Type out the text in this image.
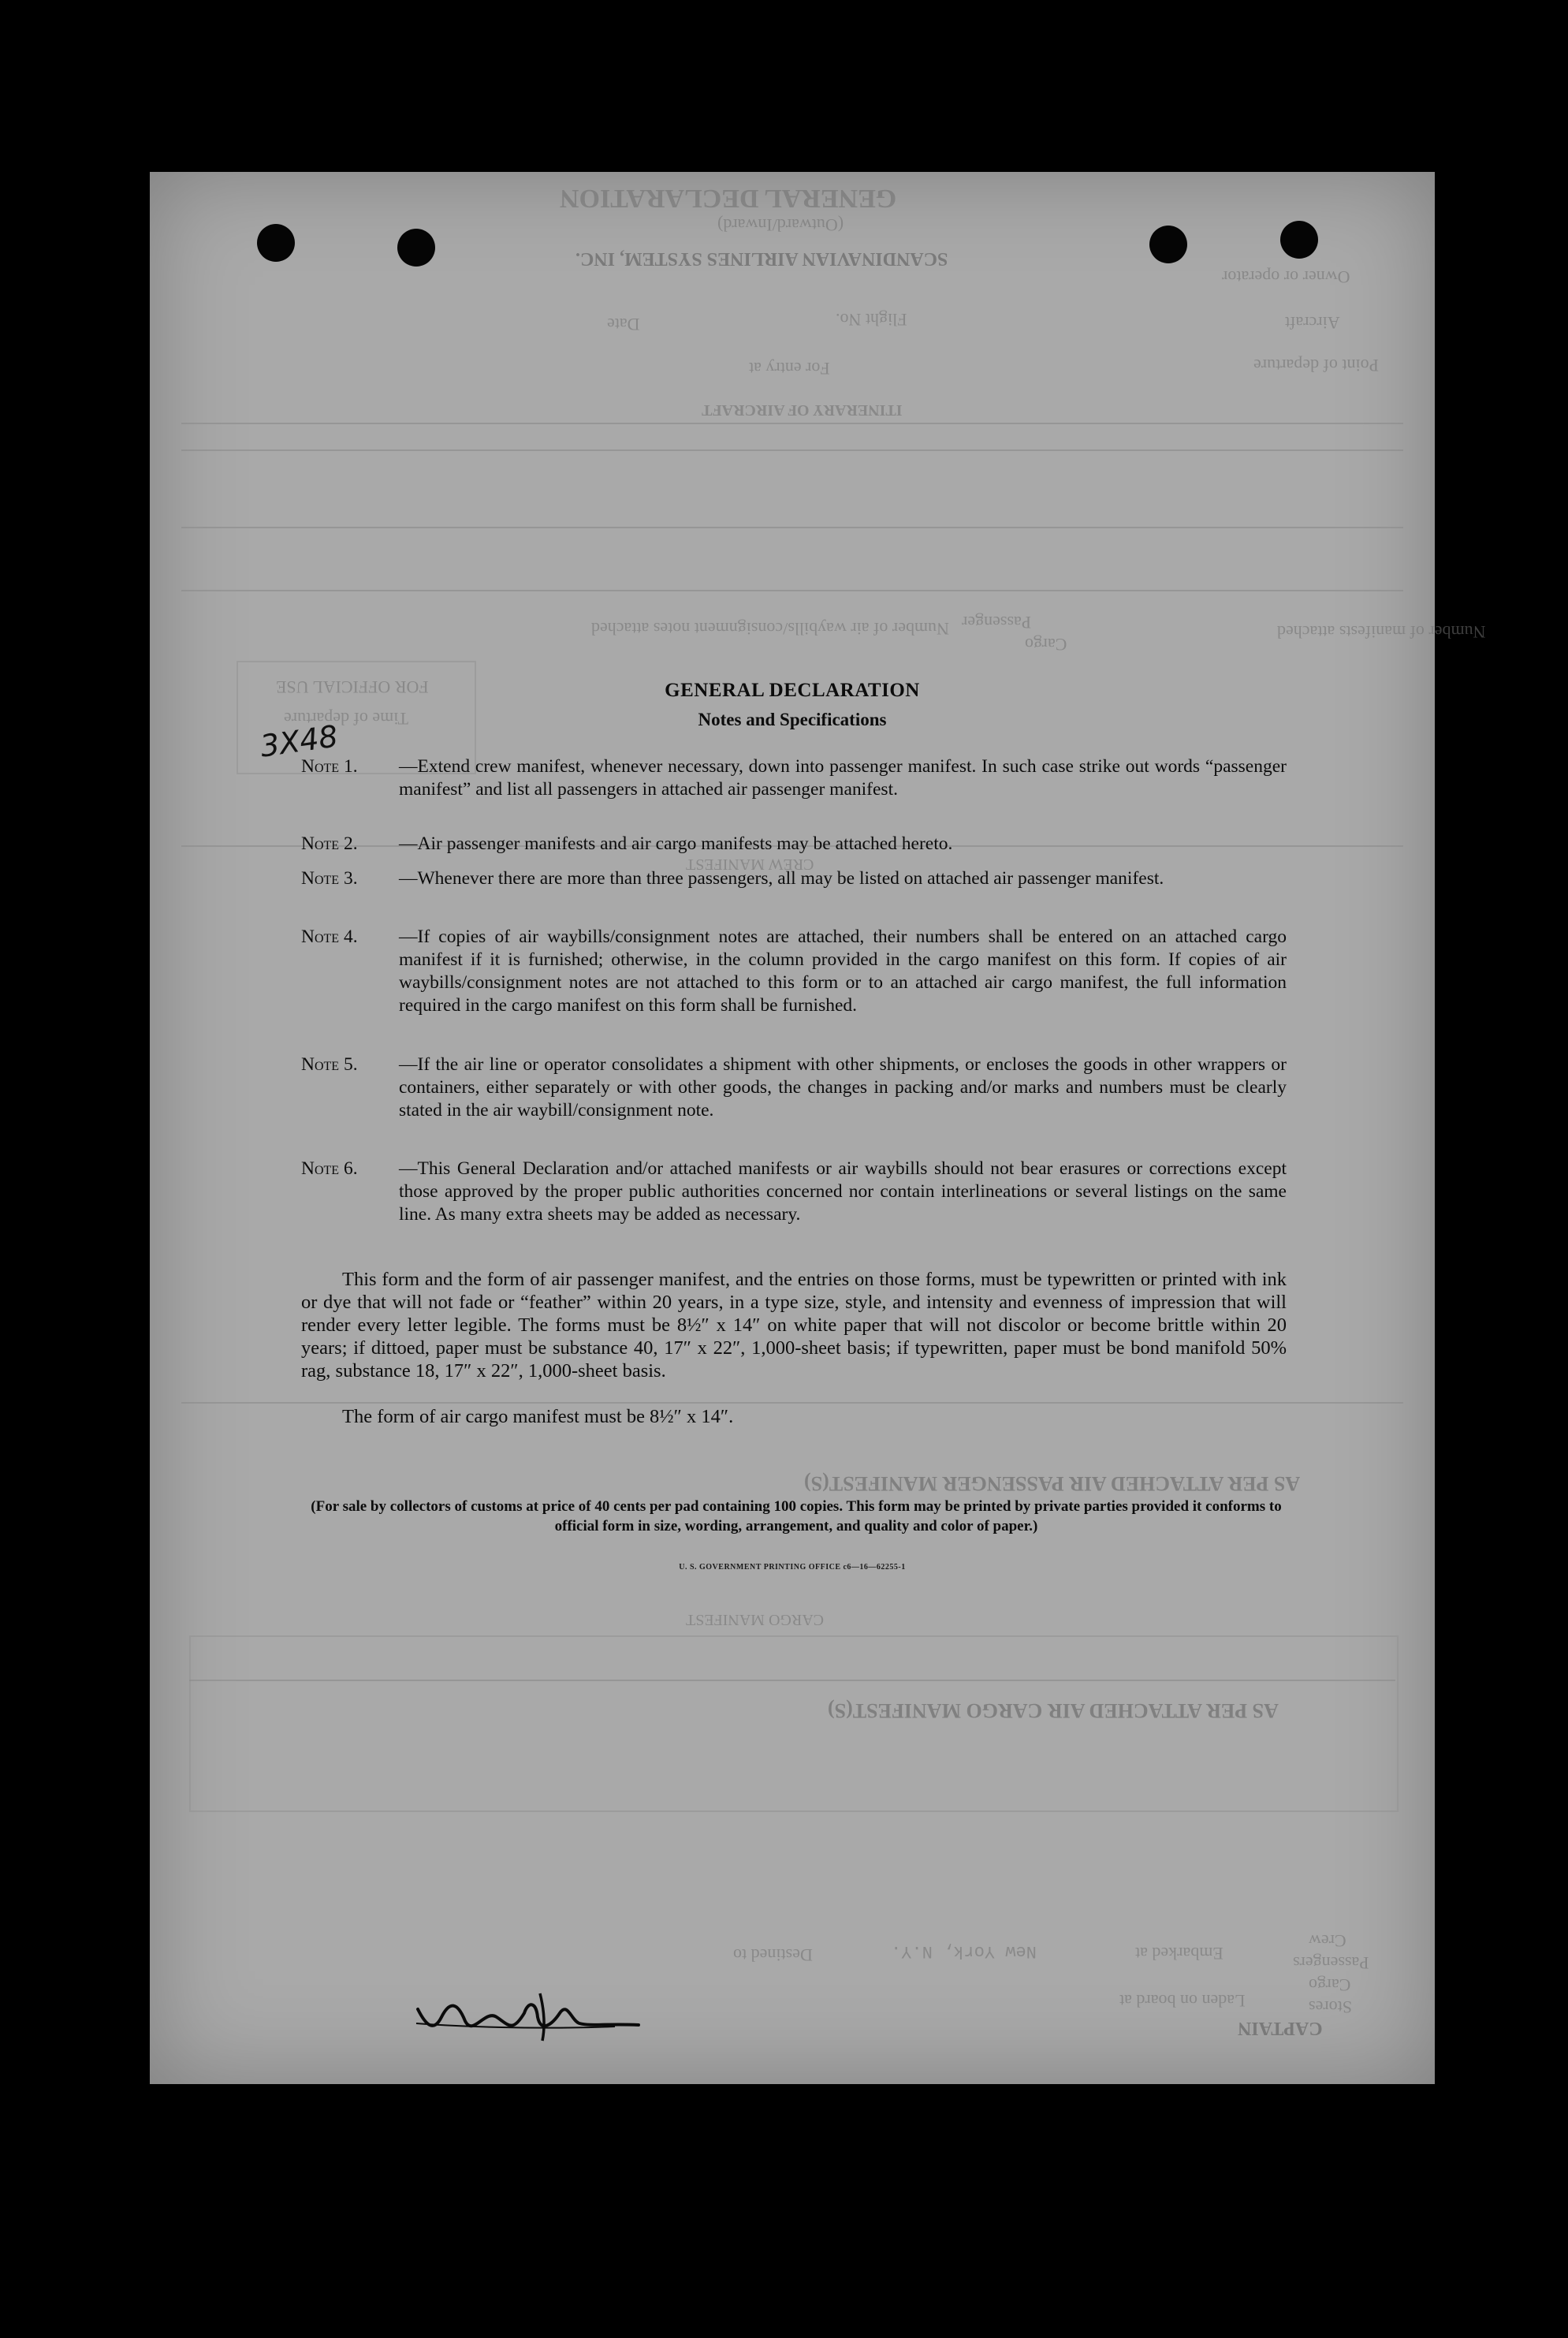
GENERAL DECLARATION
(Outward/Inward)
SCANDINAVIAN AIRLINES SYSTEM, INC.
Owner or operator
Aircraft
Flight No.
Date
Point of departure
For entry at
ITINERARY OF AIRCRAFT
Number of manifests attached
Passenger
Cargo
Number of air waybills/consignment notes attached
FOR OFFICIAL USE
Time of departure
CREW MANIFEST
AS PER ATTACHED AIR PASSENGER MANIFEST(S)
CARGO MANIFEST
AS PER ATTACHED AIR CARGO MANIFEST(S)
CAPTAIN
Crew
Passengers
Cargo
Stores
Embarked at
Destined to
Laden on board at
New York, N.Y.
GENERAL DECLARATION
Notes and Specifications
3X48
Note 1.	—Extend crew manifest, whenever necessary, down into passenger manifest. In such case strike out words “passenger manifest” and list all passengers in attached air passenger manifest.
Note 2.	—Air passenger manifests and air cargo manifests may be attached hereto.
Note 3.	—Whenever there are more than three passengers, all may be listed on attached air passenger manifest.
Note 4.	—If copies of air waybills/consignment notes are attached, their numbers shall be entered on an attached cargo manifest if it is furnished; otherwise, in the column provided in the cargo manifest on this form. If copies of air waybills/consignment notes are not attached to this form or to an attached air cargo manifest, the full information required in the cargo manifest on this form shall be furnished.
Note 5.	—If the air line or operator consolidates a shipment with other shipments, or encloses the goods in other wrappers or containers, either separately or with other goods, the changes in packing and/or marks and numbers must be clearly stated in the air waybill/consignment note.
Note 6.	—This General Declaration and/or attached manifests or air waybills should not bear erasures or corrections except those approved by the proper public authorities concerned nor contain interlineations or several listings on the same line. As many extra sheets may be added as necessary.
This form and the form of air passenger manifest, and the entries on those forms, must be typewritten or printed with ink or dye that will not fade or “feather” within 20 years, in a type size, style, and intensity and evenness of impression that will render every letter legible. The forms must be 8½″ x 14″ on white paper that will not discolor or become brittle within 20 years; if dittoed, paper must be substance 40, 17″ x 22″, 1,000-sheet basis; if typewritten, paper must be bond manifold 50% rag, substance 18, 17″ x 22″, 1,000-sheet basis.
The form of air cargo manifest must be 8½″ x 14″.
(For sale by collectors of customs at price of 40 cents per pad containing 100 copies. This form may be printed by private parties provided it conforms to official form in size, wording, arrangement, and quality and color of paper.)
U. S. GOVERNMENT PRINTING OFFICE c6—16—62255-1
